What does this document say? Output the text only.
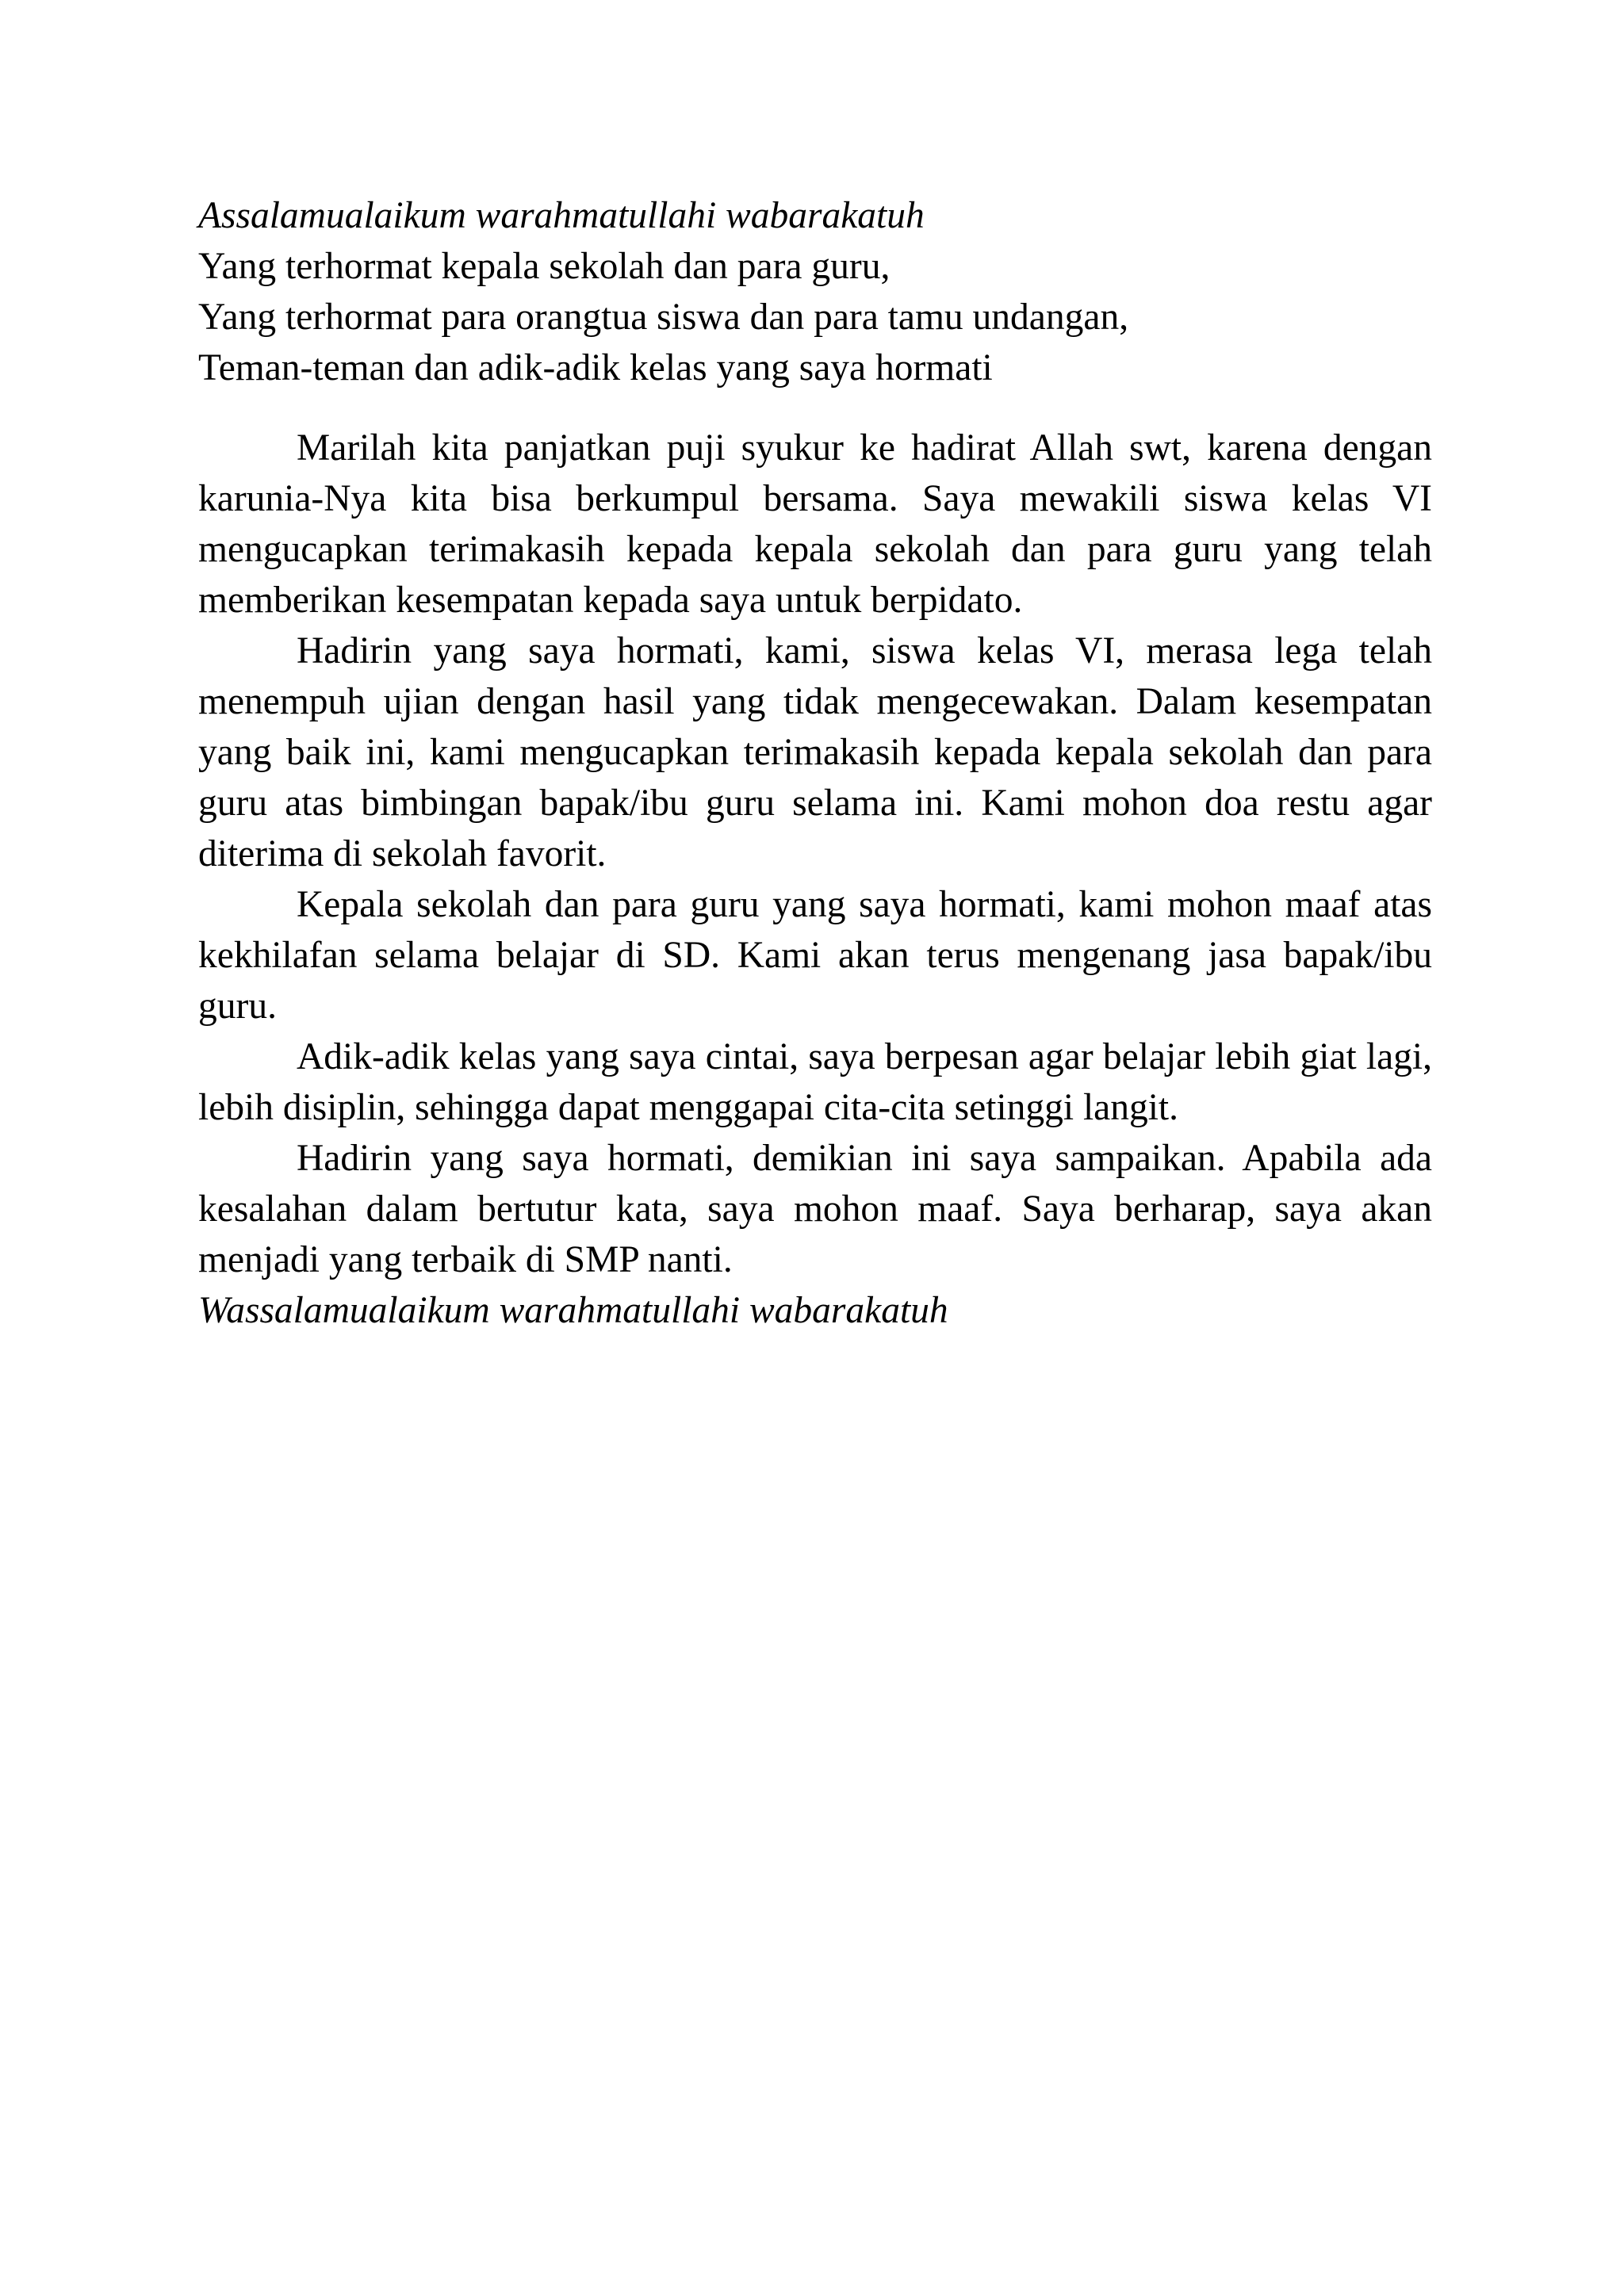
Assalamualaikum warahmatullahi wabarakatuh

Yang terhormat kepala sekolah dan para guru,

Yang terhormat para orangtua siswa dan para tamu undangan,

Teman-teman dan adik-adik kelas yang saya hormati

Marilah kita panjatkan puji syukur ke hadirat Allah swt, karena dengan karunia-Nya kita bisa berkumpul bersama. Saya mewakili siswa kelas VI mengucapkan terimakasih kepada kepala sekolah dan para guru yang telah memberikan kesempatan kepada saya untuk berpidato.

Hadirin yang saya hormati, kami, siswa kelas VI, merasa lega telah menempuh ujian dengan hasil yang tidak mengecewakan. Dalam kesempatan yang baik ini, kami mengucapkan terimakasih kepada kepala sekolah dan para guru atas bimbingan bapak/ibu guru selama ini. Kami mohon doa restu agar diterima di sekolah favorit.

Kepala sekolah dan para guru yang saya hormati, kami mohon maaf atas kekhilafan selama belajar di SD. Kami akan terus mengenang jasa bapak/ibu guru.

Adik-adik kelas yang saya cintai, saya berpesan agar belajar lebih giat lagi, lebih disiplin, sehingga dapat menggapai cita-cita setinggi langit.

Hadirin yang saya hormati, demikian ini saya sampaikan. Apabila ada kesalahan dalam bertutur kata, saya mohon maaf. Saya berharap, saya akan menjadi yang terbaik di SMP nanti.

Wassalamualaikum warahmatullahi wabarakatuh
